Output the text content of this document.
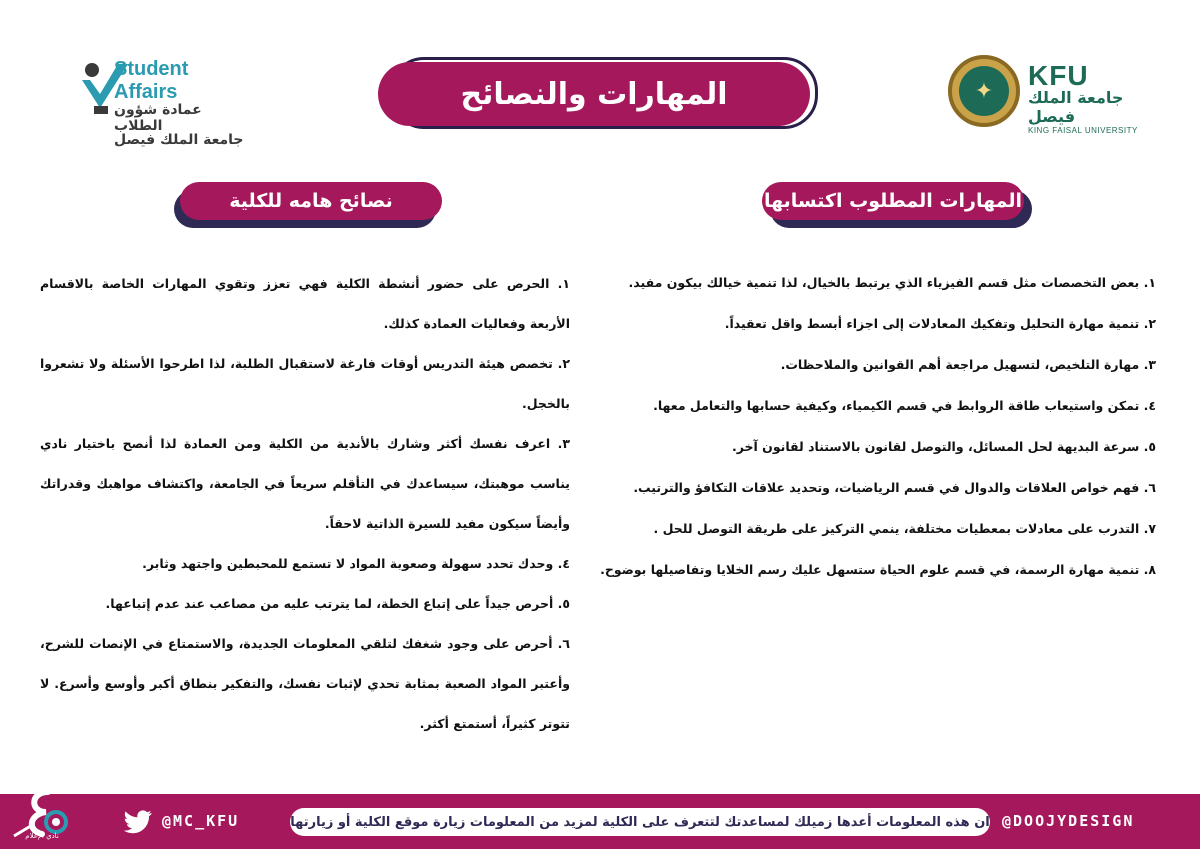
✦	KFU
جامعة الملك فيصل
KING FAISAL UNIVERSITY
Student Affairs
عمادة شؤون الطلاب
جامعة الملك فيصل
المهارات والنصائح
المهارات المطلوب اكتسابها
نصائح هامه للكلية
١. بعض التخصصات مثل قسم الفيزياء الذي يرتبط بالخيال، لذا تنمية خيالك بيكون مفيد.
٢. تنمية مهارة التحليل وتفكيك المعادلات إلى اجزاء أبسط واقل تعقيداً.
٣. مهارة التلخيص، لتسهيل مراجعة أهم القوانين والملاحظات.
٤. تمكن واستيعاب طاقة الروابط في قسم الكيمياء، وكيفية حسابها والتعامل معها.
٥. سرعة البديهة لحل المسائل، والتوصل لقانون بالاستناد لقانون آخر.
٦. فهم خواص العلاقات والدوال في قسم الرياضيات، وتحديد علاقات التكافؤ والترتيب.
٧. التدرب على معادلات بمعطيات مختلفة، ينمي التركيز على طريقة التوصل للحل .
٨. تنمية مهارة الرسمة، في قسم علوم الحياة ستسهل عليك رسم الخلايا وتفاصيلها بوضوح.
١. الحرص على حضور أنشطة الكلية فهي تعزز وتقوي المهارات الخاصة بالاقسام الأربعة وفعاليات العمادة كذلك.
٢. تخصص هيئة التدريس أوقات فارغة لاستقبال الطلبة، لذا اطرحوا الأسئلة ولا تشعروا بالخجل.
٣. اعرف نفسك أكثر وشارك بالأندية من الكلية ومن العمادة لذا أنصح باختيار نادي يناسب موهبتك، سيساعدك في التأقلم سريعاً في الجامعة، واكتشاف مواهبك وقدراتك وأيضاً سيكون مفيد للسيرة الذاتية لاحقاً.
٤. وحدك تحدد سهولة وصعوبة المواد لا تستمع للمحبطين واجتهد وثابر.
٥. أحرص جيداً على إتباع الخطة، لما يترتب عليه من مصاعب عند عدم إتباعها.
٦. أحرص على وجود شغفك لتلقي المعلومات الجديدة، والاستمتاع في الإنصات للشرح، وأعتبر المواد الصعبة بمثابة تحدي لإثبات نفسك، والتفكير بنطاق أكبر وأوسع وأسرع. لا تتوتر كثيراً، أستمتع أكثر.
نادي الإعلام
@MC_KFU	ان هذه المعلومات أعدها زميلك لمساعدتك لتتعرف على الكلية لمزيد من المعلومات زيارة موقع الكلية أو زيارتها @DOOJYDESIGN
